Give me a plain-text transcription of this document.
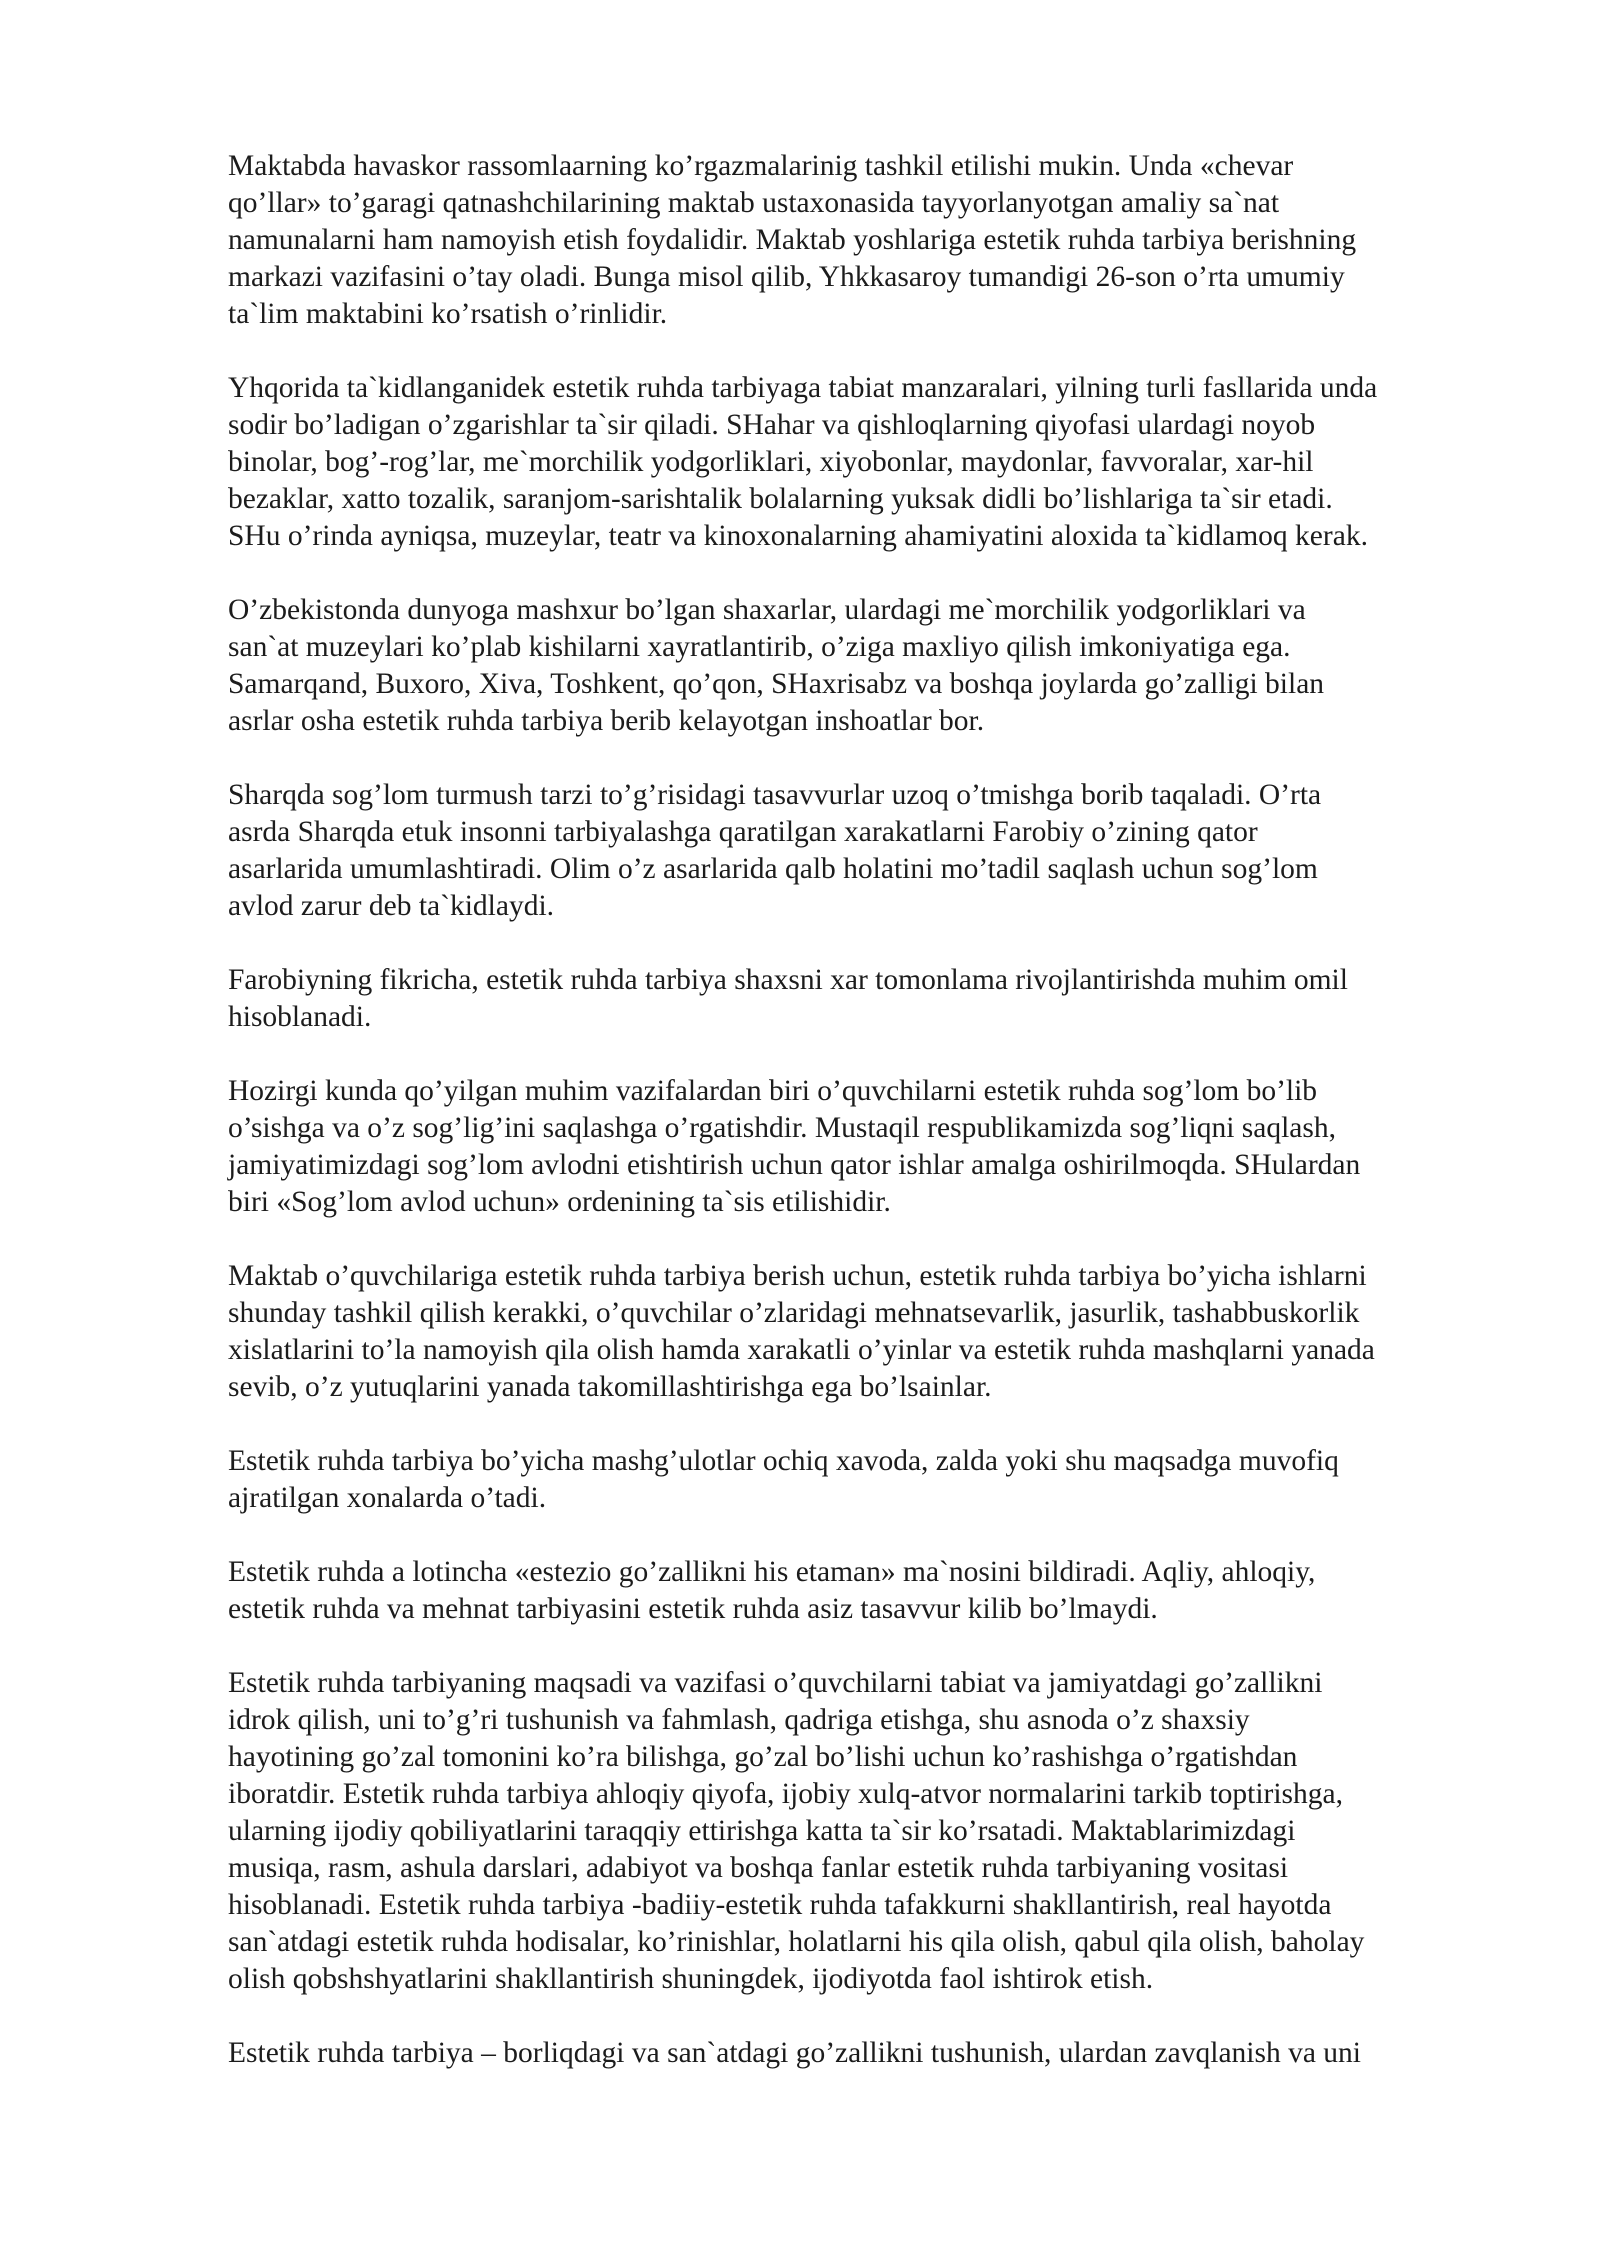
Maktabda havaskor rassomlaarning ko’rgazmalarinig tashkil etilishi mukin. Unda «chevar
qo’llar» to’garagi qatnashchilarining maktab ustaxonasida tayyorlanyotgan amaliy sa`nat
namunalarni ham namoyish etish foydalidir. Maktab yoshlariga estetik ruhda tarbiya berishning
markazi vazifasini o’tay oladi. Bunga misol qilib, Yhkkasaroy tumandigi 26-son o’rta umumiy
ta`lim maktabini ko’rsatish o’rinlidir.

Yhqorida ta`kidlanganidek estetik ruhda tarbiyaga tabiat manzaralari, yilning turli fasllarida unda
sodir bo’ladigan o’zgarishlar ta`sir qiladi. SHahar va qishloqlarning qiyofasi ulardagi noyob
binolar, bog’-rog’lar, me`morchilik yodgorliklari, xiyobonlar, maydonlar, favvoralar, xar-hil
bezaklar, xatto tozalik, saranjom-sarishtalik bolalarning yuksak didli bo’lishlariga ta`sir etadi.
SHu o’rinda ayniqsa, muzeylar, teatr va kinoxonalarning ahamiyatini aloxida ta`kidlamoq kerak.

O’zbekistonda dunyoga mashxur bo’lgan shaxarlar, ulardagi me`morchilik yodgorliklari va
san`at muzeylari ko’plab kishilarni xayratlantirib, o’ziga maxliyo qilish imkoniyatiga ega.
Samarqand, Buxoro, Xiva, Toshkent, qo’qon, SHaxrisabz va boshqa joylarda go’zalligi bilan
asrlar osha estetik ruhda tarbiya berib kelayotgan inshoatlar bor.

Sharqda sog’lom turmush tarzi to’g’risidagi tasavvurlar uzoq o’tmishga borib taqaladi. O’rta
asrda Sharqda etuk insonni tarbiyalashga qaratilgan xarakatlarni Farobiy o’zining qator
asarlarida umumlashtiradi. Olim o’z asarlarida qalb holatini mo’tadil saqlash uchun sog’lom
avlod zarur deb ta`kidlaydi.

Farobiyning fikricha, estetik ruhda tarbiya shaxsni xar tomonlama rivojlantirishda muhim omil
hisoblanadi.

Hozirgi kunda qo’yilgan muhim vazifalardan biri o’quvchilarni estetik ruhda sog’lom bo’lib
o’sishga va o’z sog’lig’ini saqlashga o’rgatishdir. Mustaqil respublikamizda sog’liqni saqlash,
jamiyatimizdagi sog’lom avlodni etishtirish uchun qator ishlar amalga oshirilmoqda. SHulardan
biri «Sog’lom avlod uchun» ordenining ta`sis etilishidir.

Maktab o’quvchilariga estetik ruhda tarbiya berish uchun, estetik ruhda tarbiya bo’yicha ishlarni
shunday tashkil qilish kerakki, o’quvchilar o’zlaridagi mehnatsevarlik, jasurlik, tashabbuskorlik
xislatlarini to’la namoyish qila olish hamda xarakatli o’yinlar va estetik ruhda mashqlarni yanada
sevib, o’z yutuqlarini yanada takomillashtirishga ega bo’lsainlar.

Estetik ruhda tarbiya bo’yicha mashg’ulotlar ochiq xavoda, zalda yoki shu maqsadga muvofiq
ajratilgan xonalarda o’tadi.

Estetik ruhda a lotincha «estezio go’zallikni his etaman» ma`nosini bildiradi. Aqliy, ahloqiy,
estetik ruhda va mehnat tarbiyasini estetik ruhda asiz tasavvur kilib bo’lmaydi.

Estetik ruhda tarbiyaning maqsadi va vazifasi o’quvchilarni tabiat va jamiyatdagi go’zallikni
idrok qilish, uni to’g’ri tushunish va fahmlash, qadriga etishga, shu asnoda o’z shaxsiy
hayotining go’zal tomonini ko’ra bilishga, go’zal bo’lishi uchun ko’rashishga o’rgatishdan
iboratdir. Estetik ruhda tarbiya ahloqiy qiyofa, ijobiy xulq-atvor normalarini tarkib toptirishga,
ularning ijodiy qobiliyatlarini taraqqiy ettirishga katta ta`sir ko’rsatadi. Maktablarimizdagi
musiqa, rasm, ashula darslari, adabiyot va boshqa fanlar estetik ruhda tarbiyaning vositasi
hisoblanadi. Estetik ruhda tarbiya -badiiy-estetik ruhda tafakkurni shakllantirish, real hayotda
san`atdagi estetik ruhda hodisalar, ko’rinishlar, holatlarni his qila olish, qabul qila olish, baholay
olish qobshshyatlarini shakllantirish shuningdek, ijodiyotda faol ishtirok etish.

Estetik ruhda tarbiya – borliqdagi va san`atdagi go’zallikni tushunish, ulardan zavqlanish va uni
